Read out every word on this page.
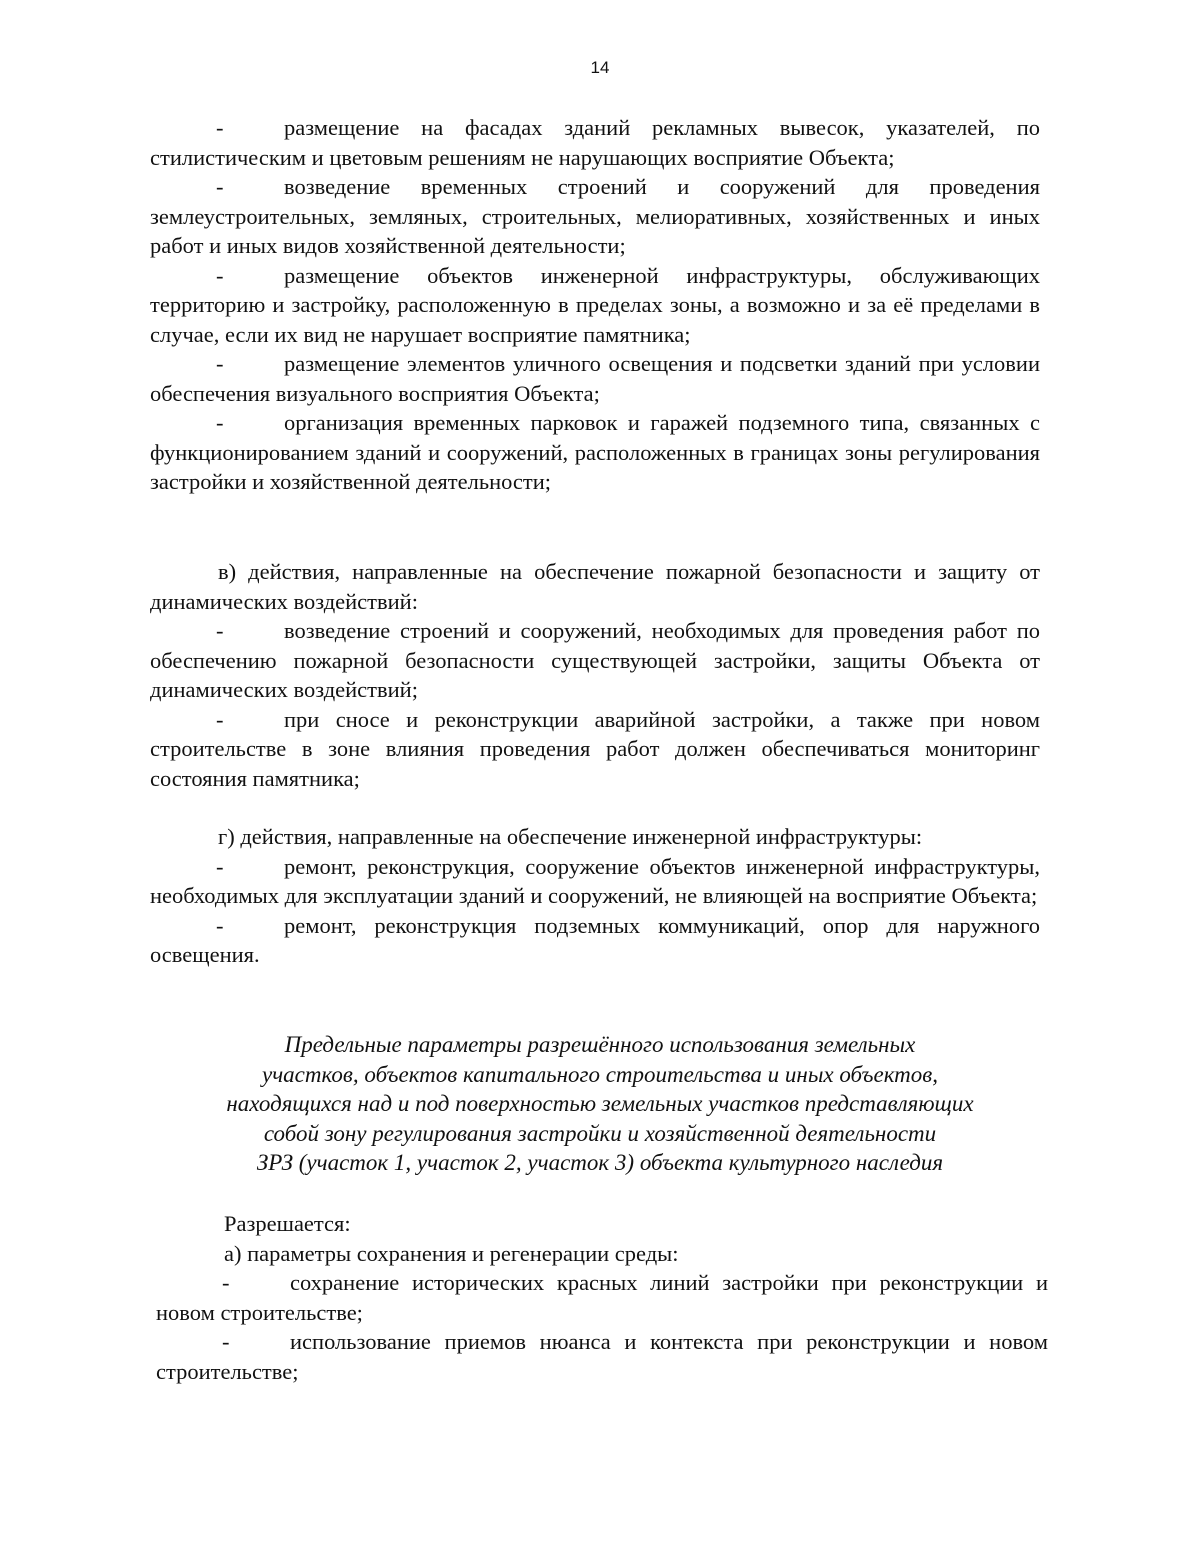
14

-	размещение на фасадах зданий рекламных вывесок, указателей, по стилистическим и цветовым решениям не нарушающих восприятие Объекта;

-	возведение временных строений и сооружений для проведения землеустроительных, земляных, строительных, мелиоративных, хозяйственных и иных работ и иных видов хозяйственной деятельности;

-	размещение объектов инженерной инфраструктуры, обслуживающих территорию и застройку, расположенную в пределах зоны, а возможно и за её пределами в случае, если их вид не нарушает восприятие памятника;

-	размещение элементов уличного освещения и подсветки зданий при условии обеспечения визуального восприятия Объекта;

-	организация временных парковок и гаражей подземного типа, связанных с функционированием зданий и сооружений, расположенных в границах зоны регулирования застройки и хозяйственной деятельности;

в) действия, направленные на обеспечение пожарной безопасности и защиту от динамических воздействий:

-	возведение строений и сооружений, необходимых для проведения работ по обеспечению пожарной безопасности существующей застройки, защиты Объекта от динамических воздействий;

-	при сносе и реконструкции аварийной застройки, а также при новом строительстве в зоне влияния проведения работ должен обеспечиваться мониторинг состояния памятника;

г) действия, направленные на обеспечение инженерной инфраструктуры:

-	ремонт, реконструкция, сооружение объектов инженерной инфраструктуры, необходимых для эксплуатации зданий и сооружений, не влияющей на восприятие Объекта;

-	ремонт, реконструкция подземных коммуникаций, опор для наружного освещения.

Предельные параметры разрешённого использования земельных
участков, объектов капитального строительства и иных объектов,
находящихся над и под поверхностью земельных участков представляющих
собой зону регулирования застройки и хозяйственной деятельности
ЗРЗ (участок 1, участок 2, участок 3) объекта культурного наследия

Разрешается:

а) параметры сохранения и регенерации среды:

-	сохранение исторических красных линий застройки при реконструкции и новом строительстве;

-	использование приемов нюанса и контекста при реконструкции и новом строительстве;
